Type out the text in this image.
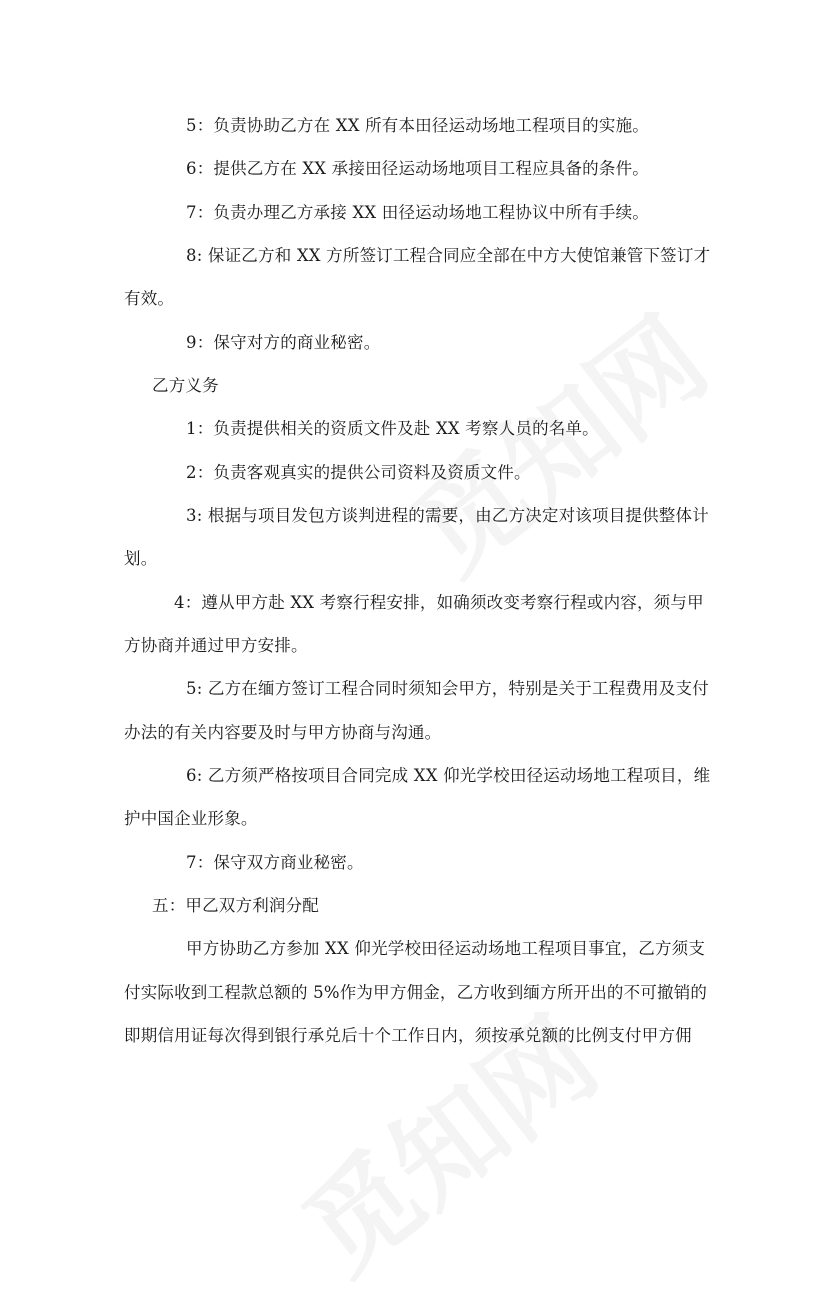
5：负责协助乙方在 XX 所有本田径运动场地工程项目的实施。
6：提供乙方在 XX 承接田径运动场地项目工程应具备的条件。
7：负责办理乙方承接 XX 田径运动场地工程协议中所有手续。
8: 保证乙方和 XX 方所签订工程合同应全部在中方大使馆兼管下签订才
有效。
9：保守对方的商业秘密。
乙方义务
1：负责提供相关的资质文件及赴 XX 考察人员的名单。
2：负责客观真实的提供公司资料及资质文件。
3: 根据与项目发包方谈判进程的需要，由乙方决定对该项目提供整体计
划。
4：遵从甲方赴 XX 考察行程安排，如确须改变考察行程或内容，须与甲
方协商并通过甲方安排。
5: 乙方在缅方签订工程合同时须知会甲方，特别是关于工程费用及支付
办法的有关内容要及时与甲方协商与沟通。
6: 乙方须严格按项目合同完成 XX 仰光学校田径运动场地工程项目，维
护中国企业形象。
7：保守双方商业秘密。
五：甲乙双方利润分配
甲方协助乙方参加 XX 仰光学校田径运动场地工程项目事宜，乙方须支
付实际收到工程款总额的 5%作为甲方佣金，乙方收到缅方所开出的不可撤销的
即期信用证每次得到银行承兑后十个工作日内，须按承兑额的比例支付甲方佣
